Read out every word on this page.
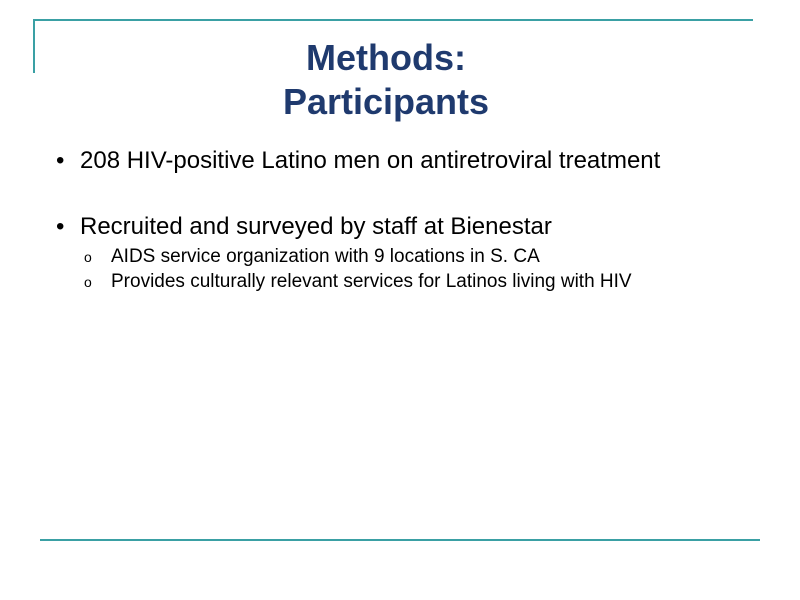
Methods:
Participants
• 208 HIV-positive Latino men on antiretroviral treatment
• Recruited and surveyed by staff at Bienestar
o AIDS service organization with 9 locations in S. CA
o Provides culturally relevant services for Latinos living with HIV
